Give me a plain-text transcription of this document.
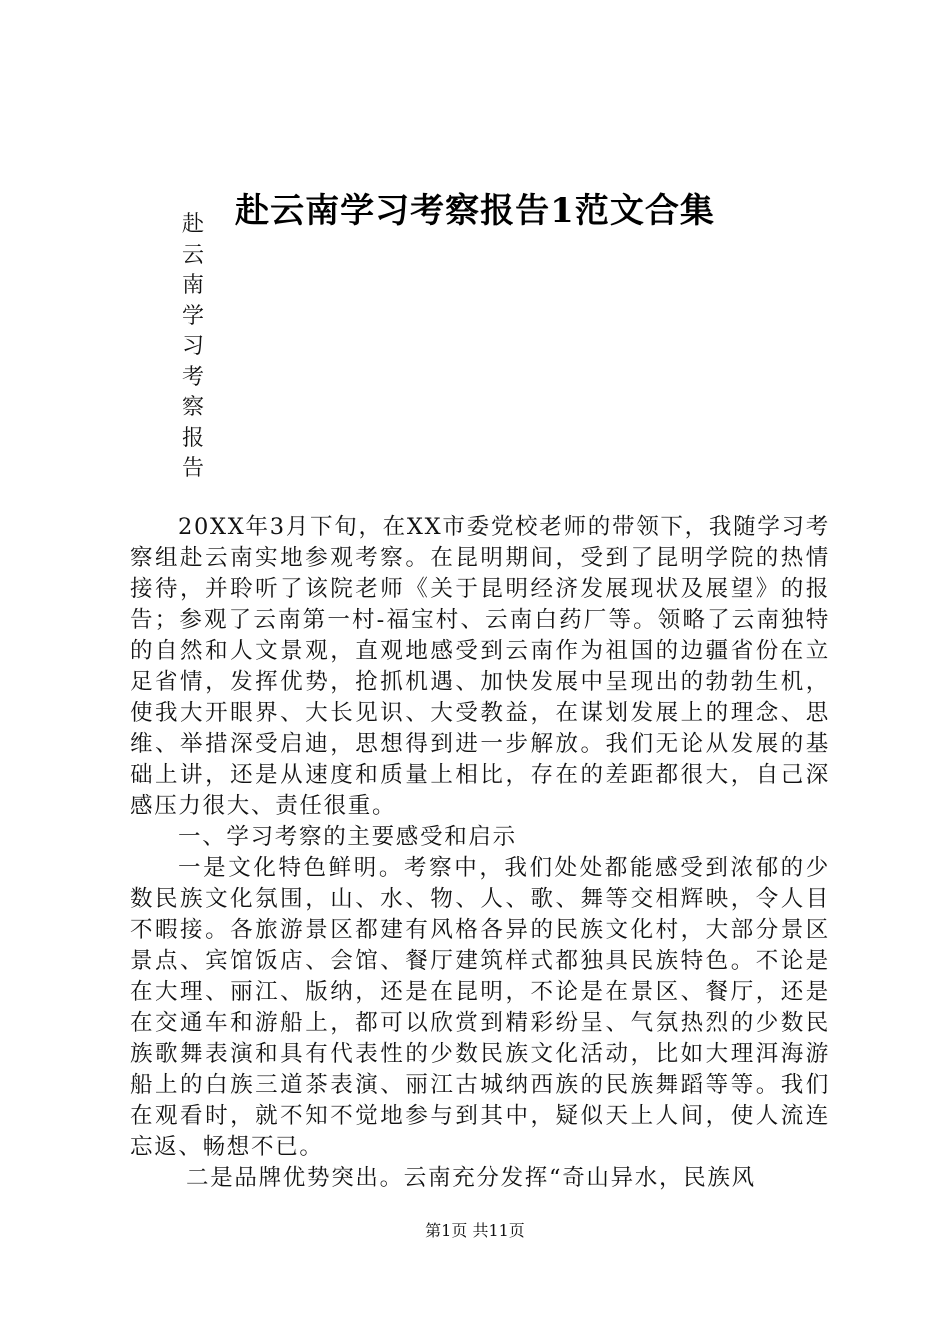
赴云南学习考察报告1范文合集
赴
云
南
学
习
考
察
报
告

20XX年3月下旬，在XX市委党校老师的带领下，我随学习考察组赴云南实地参观考察。在昆明期间，受到了昆明学院的热情接待，并聆听了该院老师《关于昆明经济发展现状及展望》的报告；参观了云南第一村-福宝村、云南白药厂等。领略了云南独特的自然和人文景观，直观地感受到云南作为祖国的边疆省份在立足省情，发挥优势，抢抓机遇、加快发展中呈现出的勃勃生机，使我大开眼界、大长见识、大受教益，在谋划发展上的理念、思维、举措深受启迪，思想得到进一步解放。我们无论从发展的基础上讲，还是从速度和质量上相比，存在的差距都很大，自己深感压力很大、责任很重。

一、学习考察的主要感受和启示

一是文化特色鲜明。考察中，我们处处都能感受到浓郁的少数民族文化氛围，山、水、物、人、歌、舞等交相辉映，令人目不暇接。各旅游景区都建有风格各异的民族文化村，大部分景区景点、宾馆饭店、会馆、餐厅建筑样式都独具民族特色。不论是在大理、丽江、版纳，还是在昆明，不论是在景区、餐厅，还是在交通车和游船上，都可以欣赏到精彩纷呈、气氛热烈的少数民族歌舞表演和具有代表性的少数民族文化活动，比如大理洱海游船上的白族三道茶表演、丽江古城纳西族的民族舞蹈等等。我们在观看时，就不知不觉地参与到其中，疑似天上人间，使人流连忘返、畅想不已。

二是品牌优势突出。云南充分发挥“奇山异水，民族风

第1页 共11页
